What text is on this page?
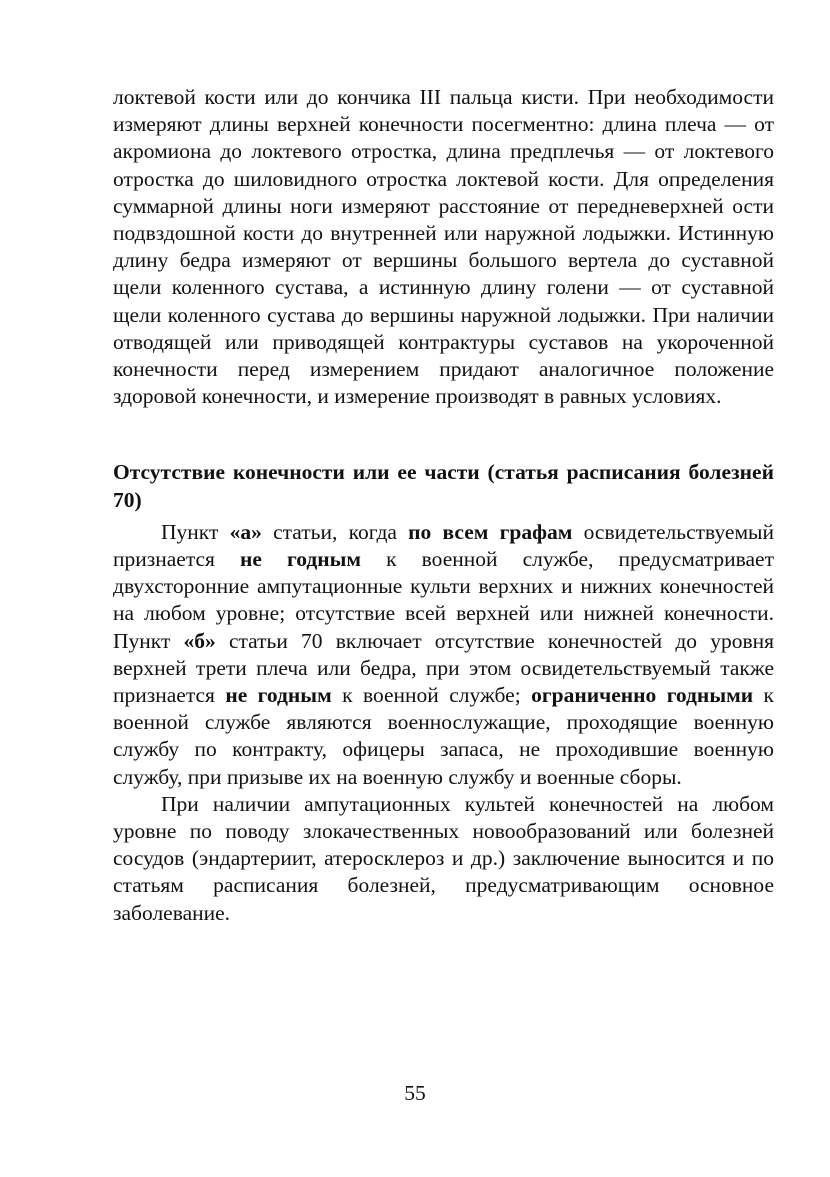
локтевой кости или до кончика III пальца кисти. При необходимости измеряют длины верхней конечности посегментно: длина плеча — от акромиона до локтевого отростка, длина предплечья — от локтевого отростка до шиловидного отростка локтевой кости. Для определения суммарной длины ноги измеряют расстояние от передневерхней ости подвздошной кости до внутренней или наружной лодыжки. Истинную длину бедра измеряют от вершины большого вертела до суставной щели коленного сустава, а истинную длину голени — от суставной щели коленного сустава до вершины наружной лодыжки. При наличии отводящей или приводящей контрактуры суставов на укороченной конечности перед измерением придают аналогичное положение здоровой конечности, и измерение производят в равных условиях.

Отсутствие конечности или ее части (статья расписания болезней 70)

Пункт «а» статьи, когда по всем графам освидетельствуемый признается не годным к военной службе, предусматривает двухсторонние ампутационные культи верхних и нижних конечностей на любом уровне; отсутствие всей верхней или нижней конечности. Пункт «б» статьи 70 включает отсутствие конечностей до уровня верхней трети плеча или бедра, при этом освидетельствуемый также признается не годным к военной службе; ограниченно годными к военной службе являются военнослужащие, проходящие военную службу по контракту, офицеры запаса, не проходившие военную службу, при призыве их на военную службу и военные сборы.

При наличии ампутационных культей конечностей на любом уровне по поводу злокачественных новообразований или болезней сосудов (эндартериит, атеросклероз и др.) заключение выносится и по статьям расписания болезней, предусматривающим основное заболевание.

55
